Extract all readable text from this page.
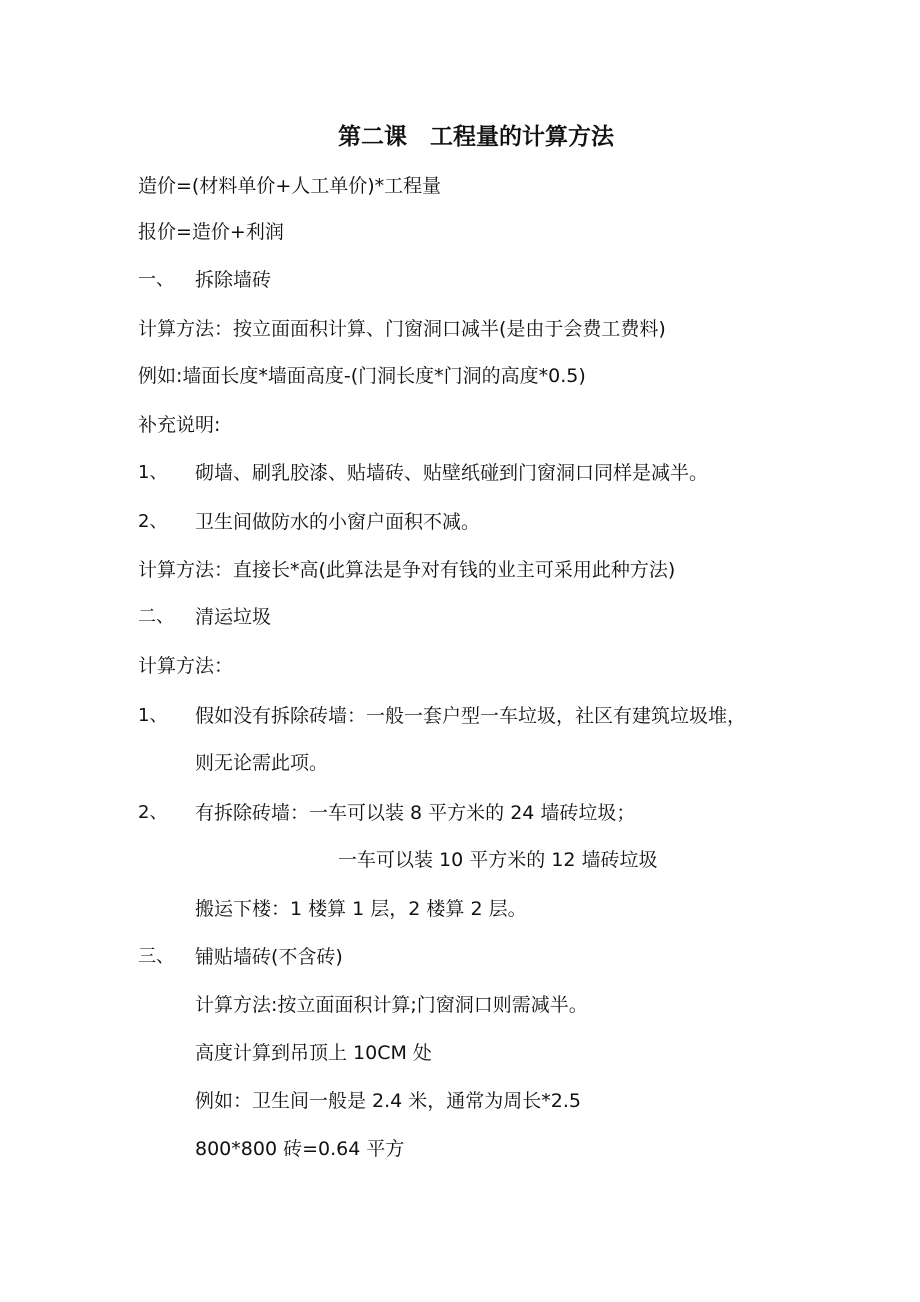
第二课　工程量的计算方法
造价=(材料单价+人工单价)*工程量
报价=造价+利润
一、 拆除墙砖
计算方法：按立面面积计算、门窗洞口减半(是由于会费工费料)
例如:墙面长度*墙面高度-(门洞长度*门洞的高度*0.5)
补充说明:
1、 砌墙、刷乳胶漆、贴墙砖、贴壁纸碰到门窗洞口同样是减半。
2、 卫生间做防水的小窗户面积不减。
计算方法：直接长*高(此算法是争对有钱的业主可采用此种方法)
二、 清运垃圾
计算方法：
1、 假如没有拆除砖墙：一般一套户型一车垃圾，社区有建筑垃圾堆，
则无论需此项。
2、 有拆除砖墙：一车可以装 8 平方米的 24 墙砖垃圾；
一车可以装 10 平方米的 12 墙砖垃圾
搬运下楼：1 楼算 1 层，2 楼算 2 层。
三、 铺贴墙砖(不含砖)
计算方法:按立面面积计算;门窗洞口则需减半。
高度计算到吊顶上 10CM 处
例如：卫生间一般是 2.4 米，通常为周长*2.5
800*800 砖=0.64 平方
